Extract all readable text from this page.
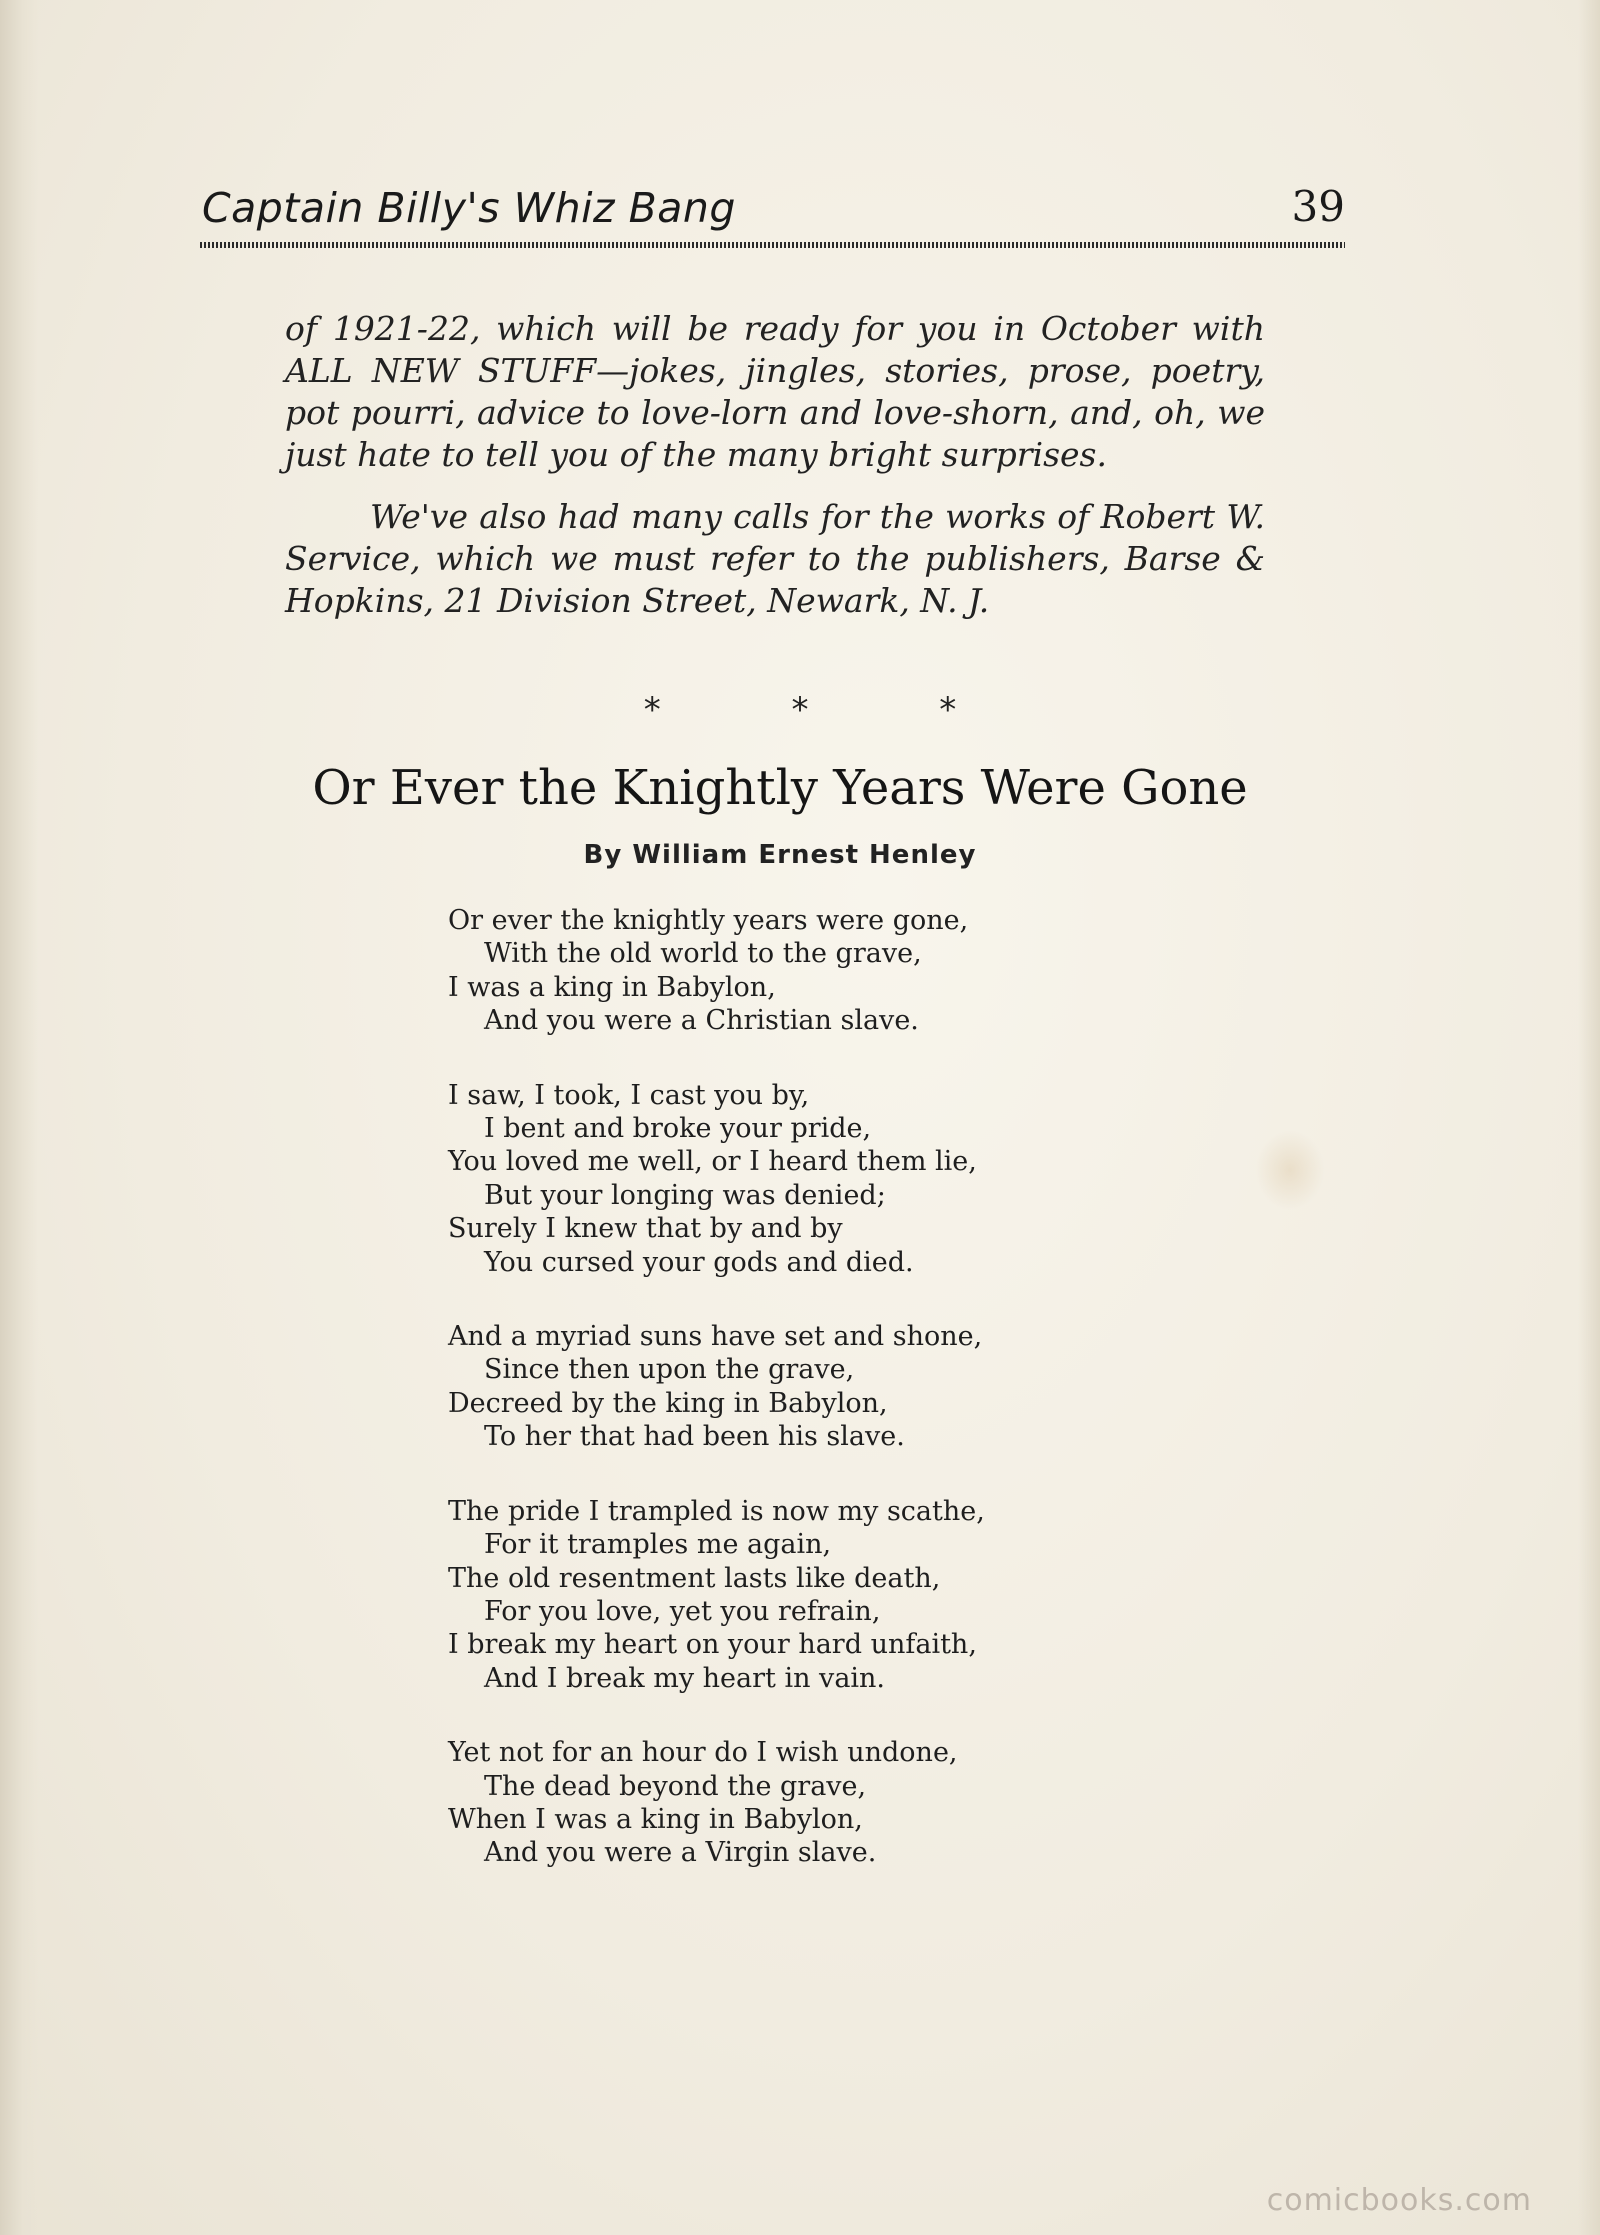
Captain Billy's Whiz Bang	39

of 1921-22, which will be ready for you in October with ALL NEW STUFF—jokes, jingles, stories, prose, poetry, pot pourri, advice to love-lorn and love-shorn, and, oh, we just hate to tell you of the many bright surprises.

We've also had many calls for the works of Robert W. Service, which we must refer to the publishers, Barse & Hopkins, 21 Division Street, Newark, N. J.

* * *
Or Ever the Knightly Years Were Gone
By William Ernest Henley
Or ever the knightly years were gone,
With the old world to the grave,
I was a king in Babylon,
And you were a Christian slave.
I saw, I took, I cast you by,
I bent and broke your pride,
You loved me well, or I heard them lie,
But your longing was denied;
Surely I knew that by and by
You cursed your gods and died.
And a myriad suns have set and shone,
Since then upon the grave,
Decreed by the king in Babylon,
To her that had been his slave.
The pride I trampled is now my scathe,
For it tramples me again,
The old resentment lasts like death,
For you love, yet you refrain,
I break my heart on your hard unfaith,
And I break my heart in vain.
Yet not for an hour do I wish undone,
The dead beyond the grave,
When I was a king in Babylon,
And you were a Virgin slave.
comicbooks.com
